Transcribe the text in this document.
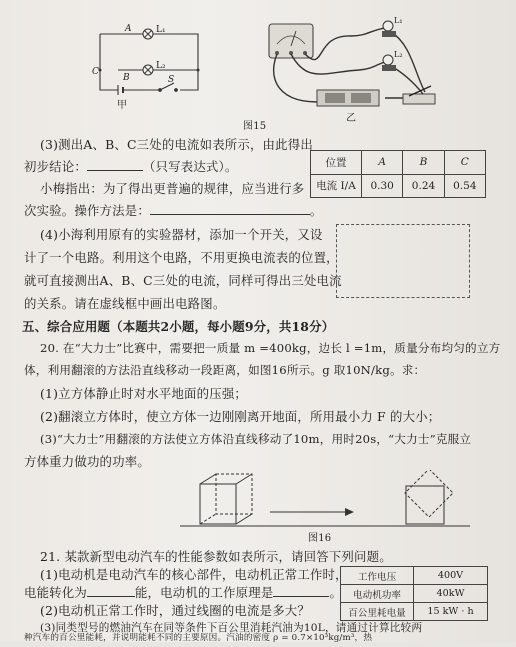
A
B
C
L₁
L₂
S
甲
L₁
L₂
乙
图15
(3)测出A、B、C三处的电流如表所示，由此得出
初步结论：	（只写表达式）。
小梅指出：为了得出更普遍的规律，应当进行多
次实验。操作方法是：	。
位置	A	B	C
电流 I/A	0.30	0.24	0.54
(4)小海利用原有的实验器材，添加一个开关，又设
计了一个电路。利用这个电路，不用更换电流表的位置，
就可直接测出A、B、C三处的电流，同样可得出三处电流
的关系。请在虚线框中画出电路图。
五、综合应用题（本题共2小题，每小题9分，共18分）
20. 在“大力士”比赛中，需要把一质量 m =400kg，边长 l =1m，质量分布均匀的立方
体，利用翻滚的方法沿直线移动一段距离，如图16所示。g 取10N/kg。求：
(1)立方体静止时对水平地面的压强；
(2)翻滚立方体时，使立方体一边刚刚离开地面，所用最小力 F 的大小；
(3)“大力士”用翻滚的方法使立方体沿直线移动了10m，用时20s，“大力士”克服立
方体重力做功的功率。
图16
21. 某款新型电动汽车的性能参数如表所示，请回答下列问题。
(1)电动机是电动汽车的核心部件，电动机正常工作时，
电能转化为	能，电动机的工作原理是	。
(2)电动机正常工作时，通过线圈的电流是多大？
工作电压	400V
电动机功率	40kW
百公里耗电量	15 kW · h
(3)同类型号的燃油汽车在同等条件下百公里消耗汽油为10L，请通过计算比较两
种汽车的百公里能耗，并说明能耗不同的主要原因。汽油的密度 ρ = 0.7×10³kg/m³，热
